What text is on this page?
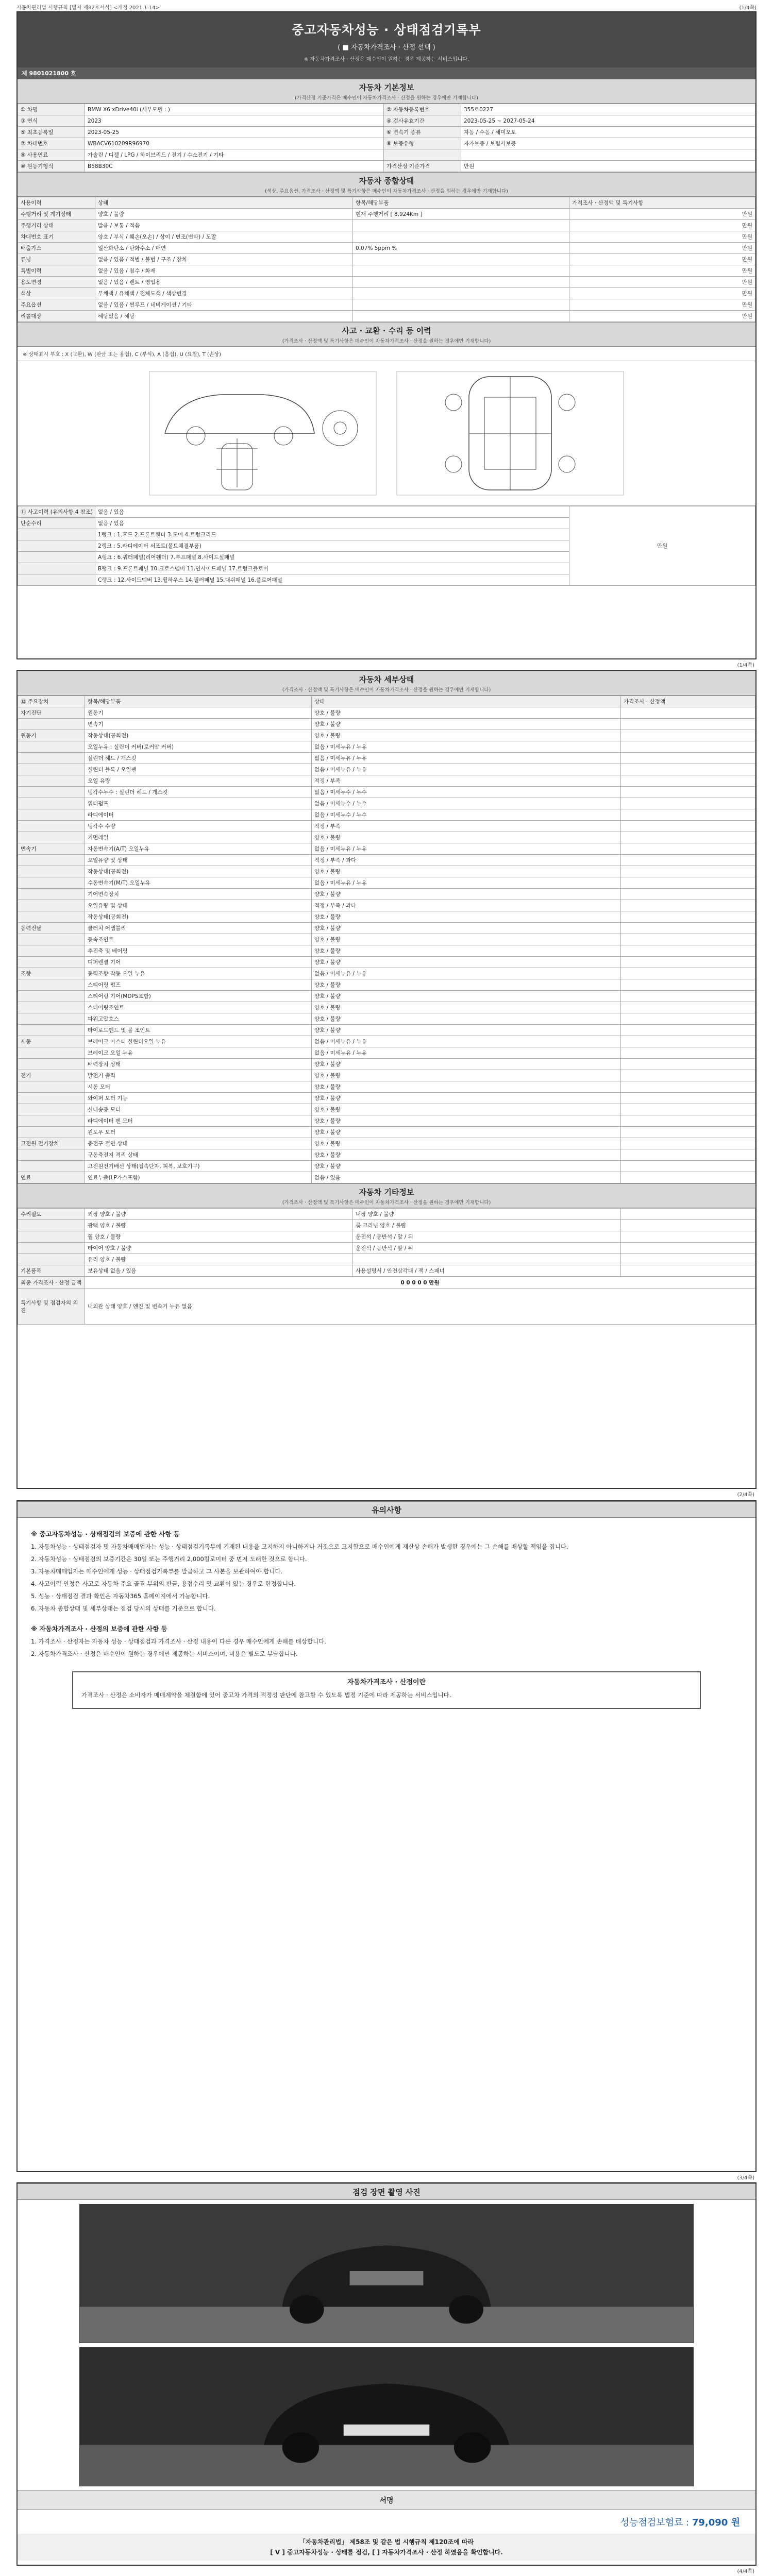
자동차관리법 시행규칙 [별지 제82호서식] <개정 2021.1.14>	(1/4쪽)
중고자동차성능 · 상태점검기록부
( ■ 자동차가격조사 · 산정 선택 )
※ 자동차가격조사 · 산정은 매수인이 원하는 경우 제공하는 서비스입니다.
제 9801021800 호
자동차 기본정보
(가격산정 기준가격은 매수인이 자동차가격조사 · 산정을 원하는 경우에만 기재합니다)
① 차명	BMW X6 xDrive40i (세부모델 : )	② 자동차등록번호	355로0227
③ 연식	2023	④ 검사유효기간	2023-05-25 ~ 2027-05-24
⑤ 최초등록일	2023-05-25	⑥ 변속기 종류	자동 / 수동 / 세미오토
⑦ 차대번호	WBACV610209R96970	⑧ 보증유형	자가보증 / 보험사보증
⑨ 사용연료	가솔린 / 디젤 / LPG / 하이브리드 / 전기 / 수소전기 / 기타		
⑩ 원동기형식	B58B30C	가격산정 기준가격	만원
자동차 종합상태
(색상, 주요옵션, 가격조사 · 산정액 및 특기사항은 매수인이 자동차가격조사 · 산정을 원하는 경우에만 기재합니다)
사용이력	상태	항목/해당부품	가격조사 · 산정액 및 특기사항
주행거리 및 계기상태	양호 / 불량	현재 주행거리 [ 8,924Km ]	만원
주행거리 상태	많음 / 보통 / 적음		만원
차대번호 표기	양호 / 부식 / 훼손(오손) / 상이 / 변조(변타) / 도말		만원
배출가스	일산화탄소 / 탄화수소 / 매연	0.07% 5ppm %	만원
튜닝	없음 / 있음 / 적법 / 불법 / 구조 / 장치		만원
특별이력	없음 / 있음 / 침수 / 화재		만원
용도변경	없음 / 있음 / 렌트 / 영업용		만원
색상	무채색 / 유채색 / 전체도색 / 색상변경		만원
주요옵션	없음 / 있음 / 썬루프 / 네비게이션 / 기타		만원
리콜대상	해당없음 / 해당		만원
사고 · 교환 · 수리 등 이력
(가격조사 · 산정액 및 특기사항은 매수인이 자동차가격조사 · 산정을 원하는 경우에만 기재합니다)
※ 상태표시 부호 : X (교환), W (판금 또는 용접), C (부식), A (흠집), U (요철), T (손상)
⑪ 사고이력 (유의사항 4 참조)	없음 / 있음	만원
단순수리	없음 / 있음	
	1랭크 : 1.후드 2.프론트휀더 3.도어 4.트렁크리드	
	2랭크 : 5.라디에이터 서포트(볼트체결부품)	
	A랭크 : 6.쿼터패널(리어휀더) 7.루프패널 8.사이드실패널	
	B랭크 : 9.프론트패널 10.크로스멤버 11.인사이드패널 17.트렁크플로어	
	C랭크 : 12.사이드멤버 13.휠하우스 14.필러패널 15.대쉬패널 16.플로어패널	
(1/4쪽)
자동차 세부상태
(가격조사 · 산정액 및 특기사항은 매수인이 자동차가격조사 · 산정을 원하는 경우에만 기재합니다)
⑫ 주요장치	항목/해당부품	상태	가격조사 · 산정액
자기진단	원동기	양호 / 불량	
	변속기	양호 / 불량	
원동기	작동상태(공회전)	양호 / 불량	
	오일누유 : 실린더 커버(로커암 커버)	없음 / 미세누유 / 누유	
	실린더 헤드 / 개스킷	없음 / 미세누유 / 누유	
	실린더 블록 / 오일팬	없음 / 미세누유 / 누유	
	오일 유량	적정 / 부족	
	냉각수누수 : 실린더 헤드 / 개스킷	없음 / 미세누수 / 누수	
	워터펌프	없음 / 미세누수 / 누수	
	라디에이터	없음 / 미세누수 / 누수	
	냉각수 수량	적정 / 부족	
	커먼레일	양호 / 불량	
변속기	자동변속기(A/T) 오일누유	없음 / 미세누유 / 누유	
	오일유량 및 상태	적정 / 부족 / 과다	
	작동상태(공회전)	양호 / 불량	
	수동변속기(M/T) 오일누유	없음 / 미세누유 / 누유	
	기어변속장치	양호 / 불량	
	오일유량 및 상태	적정 / 부족 / 과다	
	작동상태(공회전)	양호 / 불량	
동력전달	클러치 어셈블리	양호 / 불량	
	등속조인트	양호 / 불량	
	추진축 및 베어링	양호 / 불량	
	디퍼렌셜 기어	양호 / 불량	
조향	동력조향 작동 오일 누유	없음 / 미세누유 / 누유	
	스티어링 펌프	양호 / 불량	
	스티어링 기어(MDPS포함)	양호 / 불량	
	스티어링조인트	양호 / 불량	
	파워고압호스	양호 / 불량	
	타이로드엔드 및 볼 조인트	양호 / 불량	
제동	브레이크 마스터 실린더오일 누유	없음 / 미세누유 / 누유	
	브레이크 오일 누유	없음 / 미세누유 / 누유	
	배력장치 상태	양호 / 불량	
전기	발전기 출력	양호 / 불량	
	시동 모터	양호 / 불량	
	와이퍼 모터 기능	양호 / 불량	
	실내송풍 모터	양호 / 불량	
	라디에이터 팬 모터	양호 / 불량	
	윈도우 모터	양호 / 불량	
고전원 전기장치	충전구 절연 상태	양호 / 불량	
	구동축전지 격리 상태	양호 / 불량	
	고전원전기배선 상태(접속단자, 피복, 보호기구)	양호 / 불량	
연료	연료누출(LP가스포함)	없음 / 있음	
자동차 기타정보
(가격조사 · 산정액 및 특기사항은 매수인이 자동차가격조사 · 산정을 원하는 경우에만 기재합니다)
수리필요	외장 양호 / 불량	내장 양호 / 불량	
	광택 양호 / 불량	룸 크리닝 양호 / 불량	
	휠 양호 / 불량	운전석 / 동반석 / 앞 / 뒤	
	타이어 양호 / 불량	운전석 / 동반석 / 앞 / 뒤	
	유리 양호 / 불량		
기본품목	보유상태 없음 / 있음	사용설명서 / 안전삼각대 / 잭 / 스패너	
최종 가격조사 · 산정 금액	0 0 0 0 0 만원
특기사항 및 점검자의 의견	내외관 상태 양호 / 엔진 및 변속기 누유 없음
(2/4쪽)
유의사항
※ 중고자동차성능 · 상태점검의 보증에 관한 사항 등

1. 자동차성능 · 상태점검자 및 자동차매매업자는 성능 · 상태점검기록부에 기재된 내용을 고지하지 아니하거나 거짓으로 고지함으로 매수인에게 재산상 손해가 발생한 경우에는 그 손해를 배상할 책임을 집니다.

2. 자동차성능 · 상태점검의 보증기간은 30일 또는 주행거리 2,000킬로미터 중 먼저 도래한 것으로 합니다.

3. 자동차매매업자는 매수인에게 성능 · 상태점검기록부를 발급하고 그 사본을 보관하여야 합니다.

4. 사고이력 인정은 사고로 자동차 주요 골격 부위의 판금, 용접수리 및 교환이 있는 경우로 한정합니다.

5. 성능 · 상태점검 결과 확인은 자동차365 홈페이지에서 가능합니다.

6. 자동차 종합상태 및 세부상태는 점검 당시의 상태를 기준으로 합니다.

※ 자동차가격조사 · 산정의 보증에 관한 사항 등

1. 가격조사 · 산정자는 자동차 성능 · 상태점검과 가격조사 · 산정 내용이 다른 경우 매수인에게 손해를 배상합니다.

2. 자동차가격조사 · 산정은 매수인이 원하는 경우에만 제공하는 서비스이며, 비용은 별도로 부담합니다.

자동차가격조사 · 산정이란

가격조사 · 산정은 소비자가 매매계약을 체결함에 있어 중고차 가격의 적정성 판단에 참고할 수 있도록 법정 기준에 따라 제공하는 서비스입니다.

(3/4쪽)
점검 장면 촬영 사진
서명
성능점검보험료 : 79,090 원
「자동차관리법」 제58조 및 같은 법 시행규칙 제120조에 따라
[ V ] 중고자동차성능 · 상태를 점검, [ ] 자동차가격조사 · 산정 하였음을 확인합니다.
(4/4쪽)
